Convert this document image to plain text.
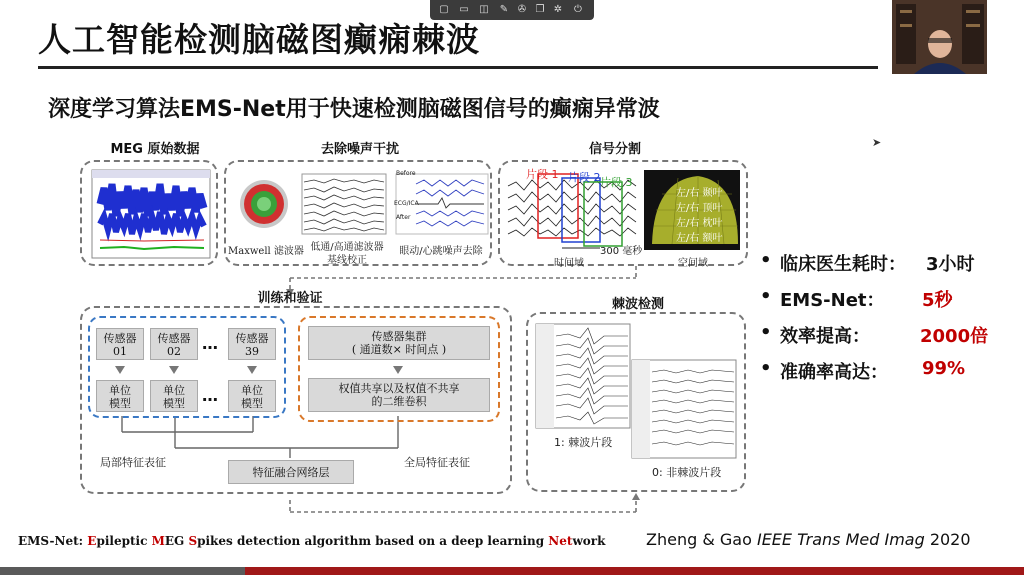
▢ ▭ ◫ ✎ ✇ ❐ ✲ ⏻
人工智能检测脑磁图癫痫棘波
深度学习算法EMS-Net用于快速检测脑磁图信号的癫痫异常波
➤
MEG 原始数据	去除噪声干扰	信号分割
Before
ECG/ICA
After
Maxwell 滤波器 低通/高通滤波器
基线校正
眼动/心跳噪声去除
片段 1 片段 2 片段 3
300 毫秒
时间域	空间域
左/右 颞叶
左/右 顶叶
左/右 枕叶
左/右 额叶
训练和验证
传感器
01
传感器
02
传感器
39
…
单位
模型
单位
模型
单位
模型
…
传感器集群
( 通道数× 时间点 )
权值共享以及权值不共享
的二维卷积
局部特征表征	全局特征表征
特征融合网络层
棘波检测
1: 棘波片段
0: 非棘波片段
• 临床医生耗时： 3小时
• EMS-Net： 5秒
• 效率提高：	2000倍
• 准确率高达： 99%
EMS-Net: Epileptic MEG Spikes detection algorithm based on a deep learning Network	Zheng & Gao IEEE Trans Med Imag 2020
